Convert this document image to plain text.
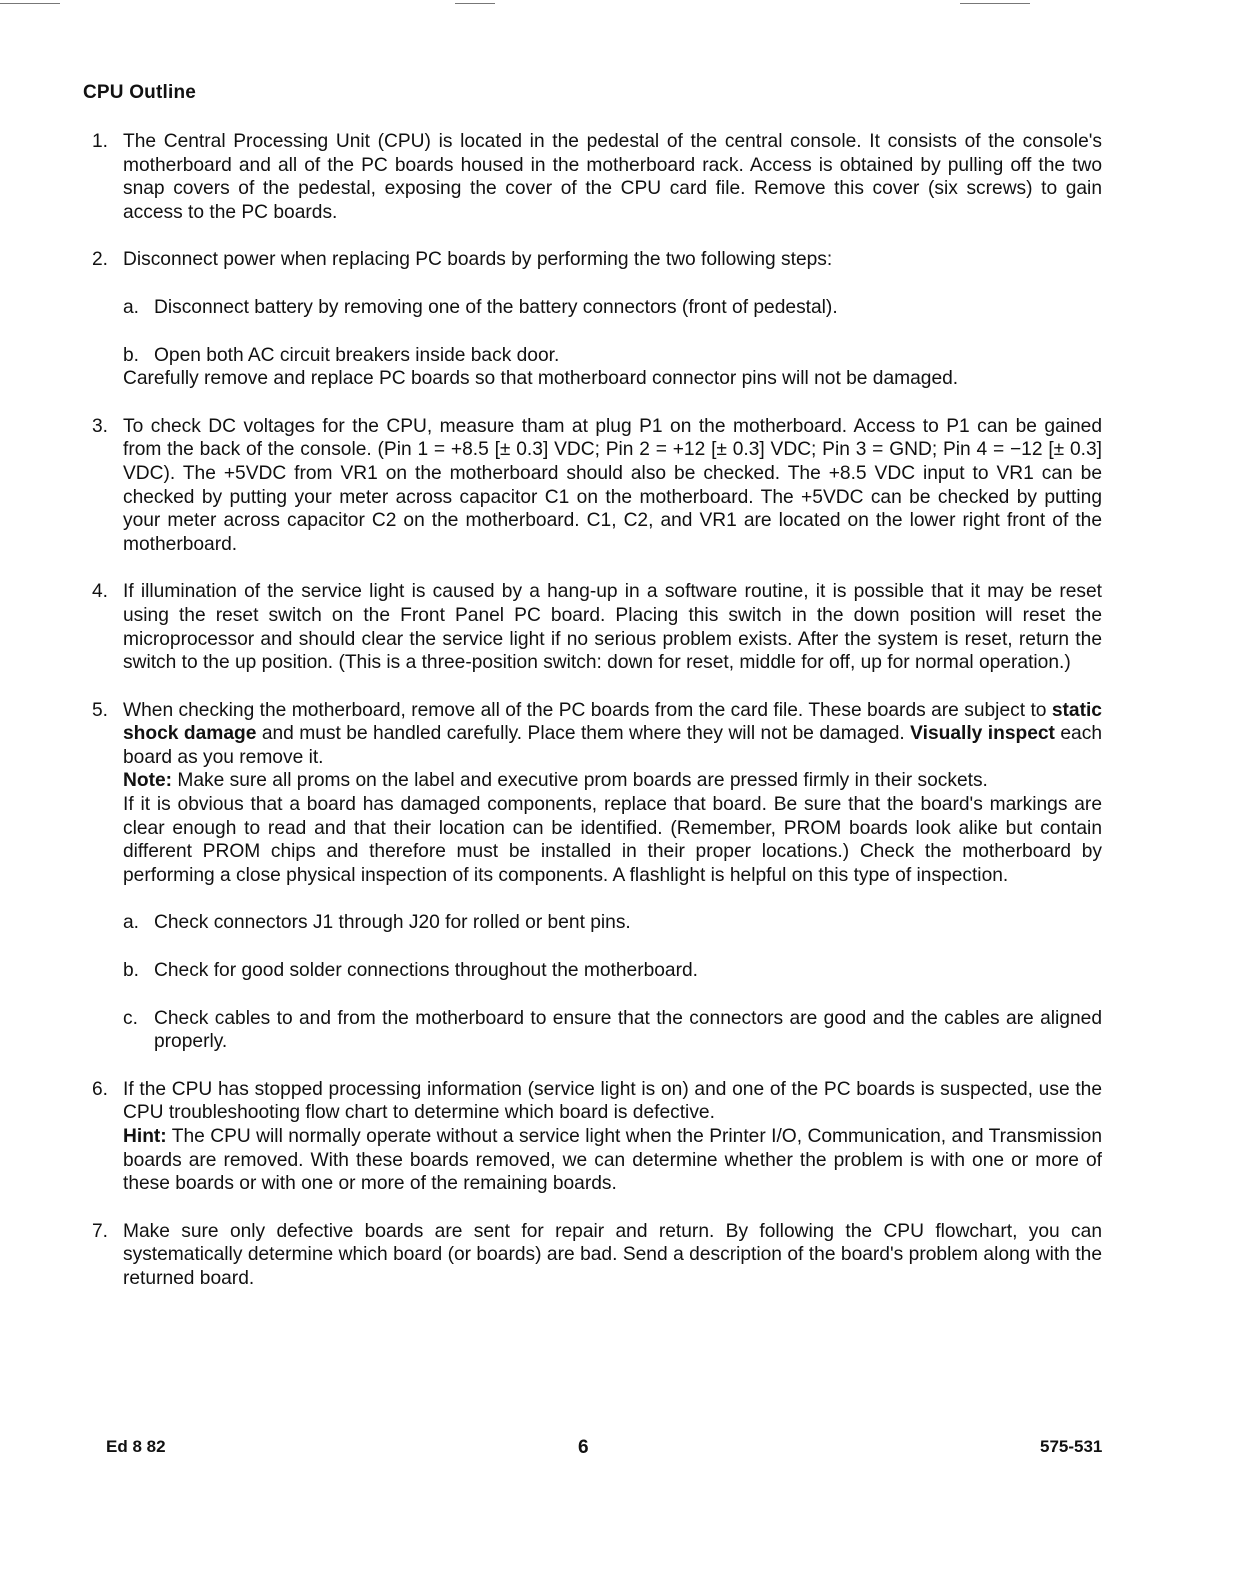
CPU Outline
1. The Central Processing Unit (CPU) is located in the pedestal of the central console. It consists of the console's motherboard and all of the PC boards housed in the motherboard rack. Access is obtained by pulling off the two snap covers of the pedestal, exposing the cover of the CPU card file. Remove this cover (six screws) to gain access to the PC boards.

2. Disconnect power when replacing PC boards by performing the two following steps:

a. Disconnect battery by removing one of the battery connectors (front of pedestal).
b. Open both AC circuit breakers inside back door.

Carefully remove and replace PC boards so that motherboard connector pins will not be damaged.

3. To check DC voltages for the CPU, measure tham at plug P1 on the motherboard. Access to P1 can be gained from the back of the console. (Pin 1 = +8.5 [± 0.3] VDC; Pin 2 = +12 [± 0.3] VDC; Pin 3 = GND; Pin 4 = −12 [± 0.3] VDC). The +5VDC from VR1 on the motherboard should also be checked. The +8.5 VDC input to VR1 can be checked by putting your meter across capacitor C1 on the motherboard. The +5VDC can be checked by putting your meter across capacitor C2 on the motherboard. C1, C2, and VR1 are located on the lower right front of the motherboard.

4. If illumination of the service light is caused by a hang-up in a software routine, it is possible that it may be reset using the reset switch on the Front Panel PC board. Placing this switch in the down position will reset the microprocessor and should clear the service light if no serious problem exists. After the system is reset, return the switch to the up position. (This is a three-position switch: down for reset, middle for off, up for normal operation.)

5. When checking the motherboard, remove all of the PC boards from the card file. These boards are subject to static shock damage and must be handled carefully. Place them where they will not be damaged. Visually inspect each board as you remove it.

Note: Make sure all proms on the label and executive prom boards are pressed firmly in their sockets.

If it is obvious that a board has damaged components, replace that board. Be sure that the board's markings are clear enough to read and that their location can be identified. (Remember, PROM boards look alike but contain different PROM chips and therefore must be installed in their proper locations.) Check the motherboard by performing a close physical inspection of its components. A flashlight is helpful on this type of inspection.

a. Check connectors J1 through J20 for rolled or bent pins.
b. Check for good solder connections throughout the motherboard.
c. Check cables to and from the motherboard to ensure that the connectors are good and the cables are aligned properly.
6. If the CPU has stopped processing information (service light is on) and one of the PC boards is suspected, use the CPU troubleshooting flow chart to determine which board is defective.

Hint: The CPU will normally operate without a service light when the Printer I/O, Communication, and Transmission boards are removed. With these boards removed, we can determine whether the problem is with one or more of these boards or with one or more of the remaining boards.

7. Make sure only defective boards are sent for repair and return. By following the CPU flowchart, you can systematically determine which board (or boards) are bad. Send a description of the board's problem along with the returned board.

Ed 8 82	6	575-531
